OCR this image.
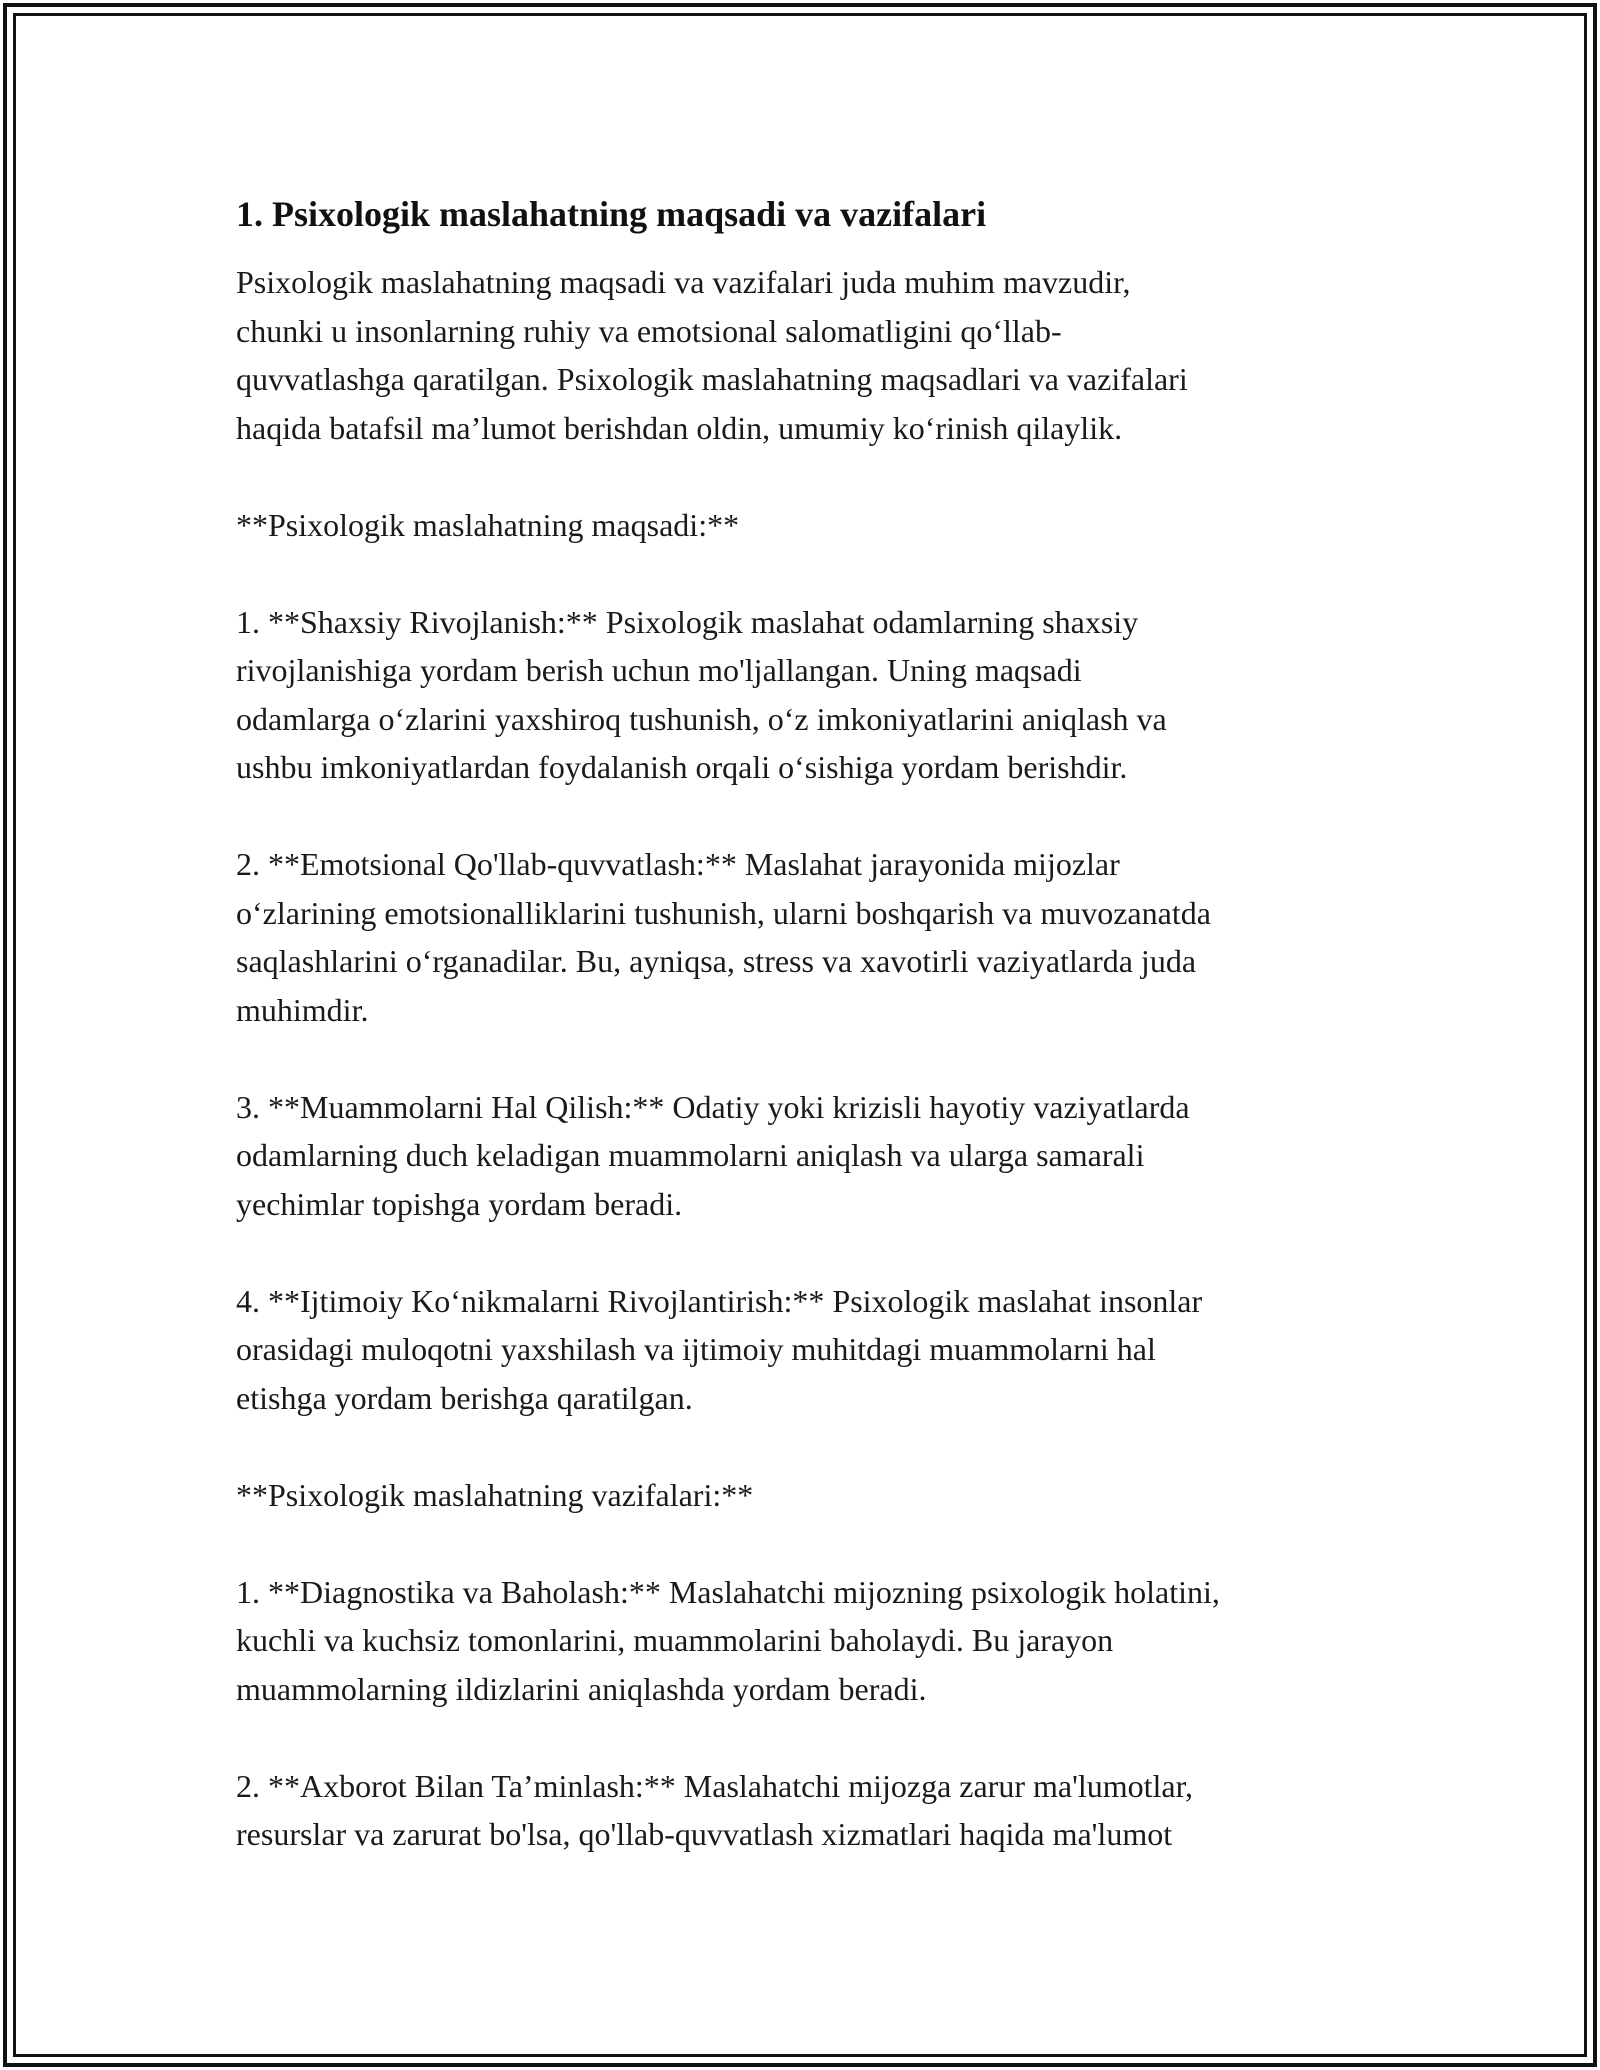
1. Psixologik maslahatning maqsadi va vazifalari

Psixologik maslahatning maqsadi va vazifalari juda muhim mavzudir,
chunki u insonlarning ruhiy va emotsional salomatligini qo‘llab-
quvvatlashga qaratilgan. Psixologik maslahatning maqsadlari va vazifalari
haqida batafsil ma’lumot berishdan oldin, umumiy ko‘rinish qilaylik.

**Psixologik maslahatning maqsadi:**

1. **Shaxsiy Rivojlanish:** Psixologik maslahat odamlarning shaxsiy
rivojlanishiga yordam berish uchun mo'ljallangan. Uning maqsadi
odamlarga o‘zlarini yaxshiroq tushunish, o‘z imkoniyatlarini aniqlash va
ushbu imkoniyatlardan foydalanish orqali o‘sishiga yordam berishdir.

2. **Emotsional Qo'llab-quvvatlash:** Maslahat jarayonida mijozlar
o‘zlarining emotsionalliklarini tushunish, ularni boshqarish va muvozanatda
saqlashlarini o‘rganadilar. Bu, ayniqsa, stress va xavotirli vaziyatlarda juda
muhimdir.

3. **Muammolarni Hal Qilish:** Odatiy yoki krizisli hayotiy vaziyatlarda
odamlarning duch keladigan muammolarni aniqlash va ularga samarali
yechimlar topishga yordam beradi.

4. **Ijtimoiy Ko‘nikmalarni Rivojlantirish:** Psixologik maslahat insonlar
orasidagi muloqotni yaxshilash va ijtimoiy muhitdagi muammolarni hal
etishga yordam berishga qaratilgan.

**Psixologik maslahatning vazifalari:**

1. **Diagnostika va Baholash:** Maslahatchi mijozning psixologik holatini,
kuchli va kuchsiz tomonlarini, muammolarini baholaydi. Bu jarayon
muammolarning ildizlarini aniqlashda yordam beradi.

2. **Axborot Bilan Ta’minlash:** Maslahatchi mijozga zarur ma'lumotlar,
resurslar va zarurat bo'lsa, qo'llab-quvvatlash xizmatlari haqida ma'lumot
